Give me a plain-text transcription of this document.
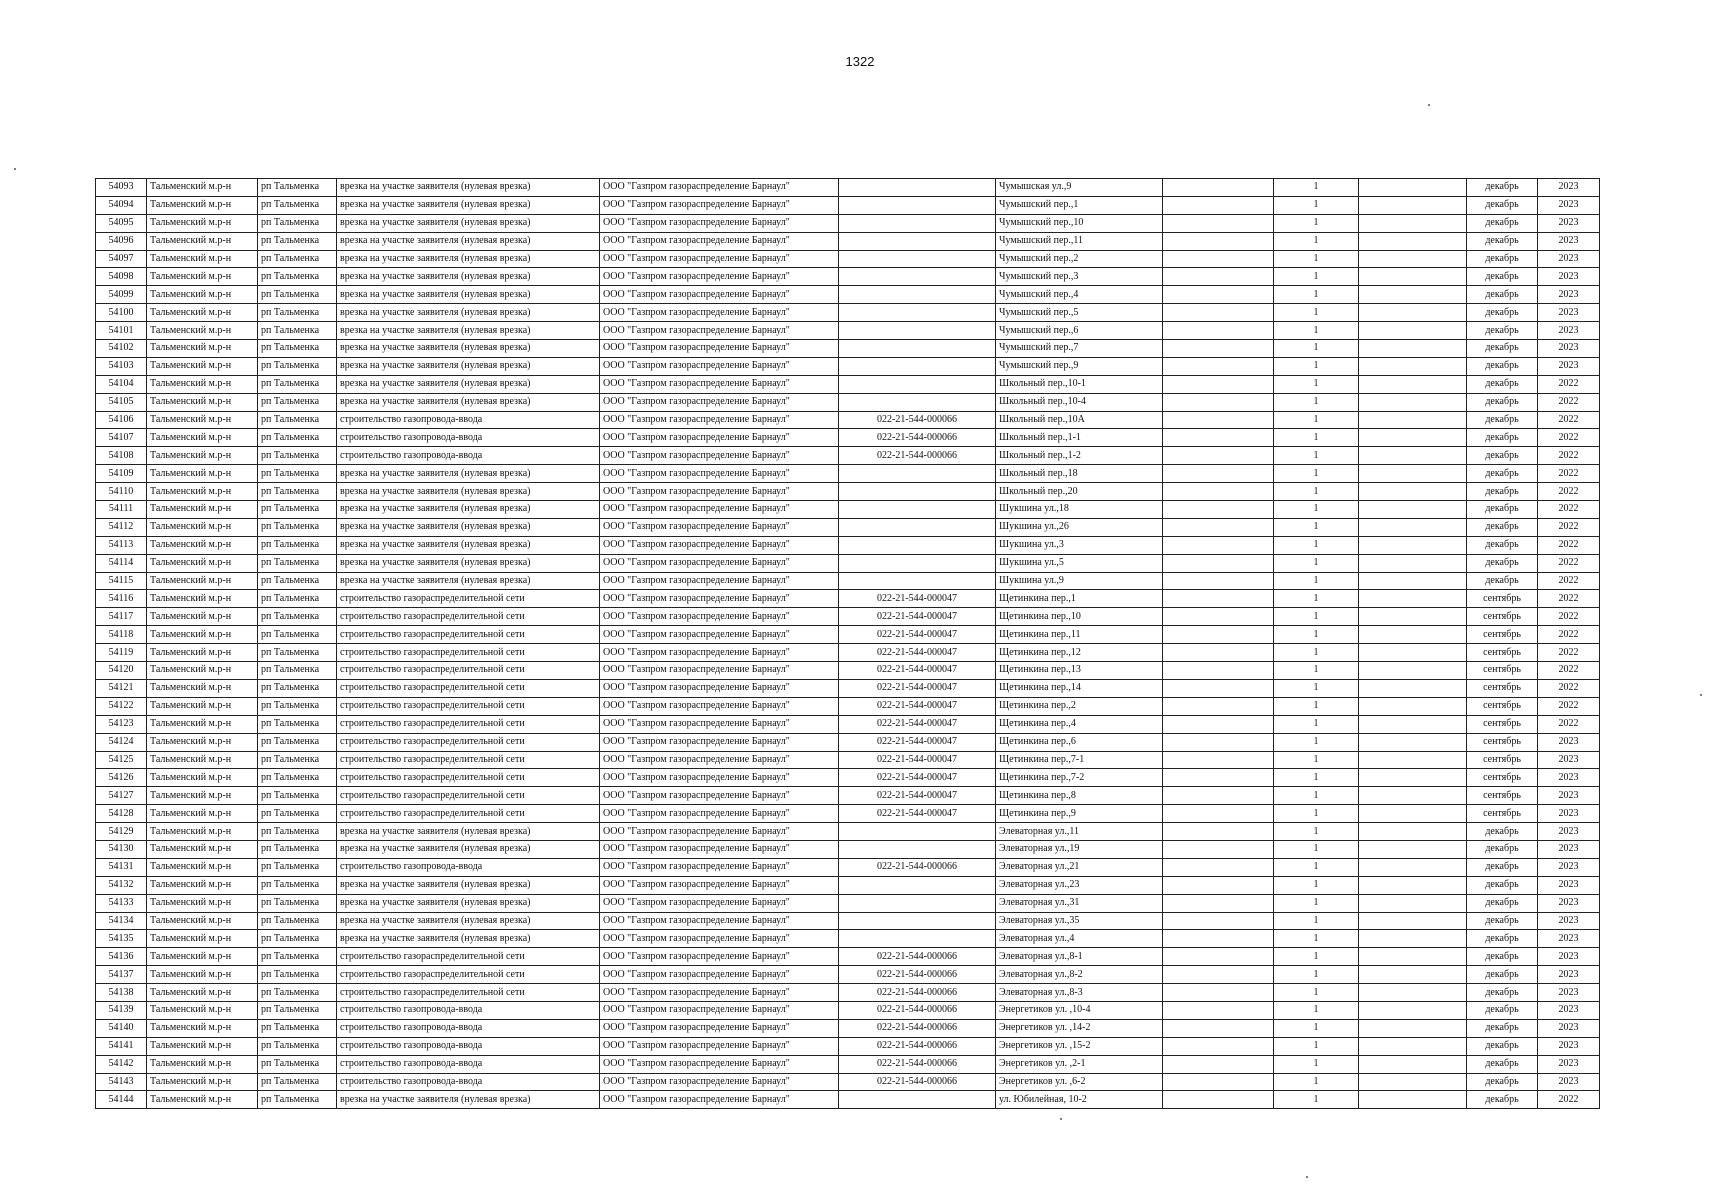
1322
54093	Тальменский м.р-н	рп Тальменка	врезка на участке заявителя (нулевая врезка)	ООО "Газпром газораспределение Барнаул"		Чумышская ул.,9		1		декабрь	2023
54094	Тальменский м.р-н	рп Тальменка	врезка на участке заявителя (нулевая врезка)	ООО "Газпром газораспределение Барнаул"		Чумышский пер.,1		1		декабрь	2023
54095	Тальменский м.р-н	рп Тальменка	врезка на участке заявителя (нулевая врезка)	ООО "Газпром газораспределение Барнаул"		Чумышский пер.,10		1		декабрь	2023
54096	Тальменский м.р-н	рп Тальменка	врезка на участке заявителя (нулевая врезка)	ООО "Газпром газораспределение Барнаул"		Чумышский пер.,11		1		декабрь	2023
54097	Тальменский м.р-н	рп Тальменка	врезка на участке заявителя (нулевая врезка)	ООО "Газпром газораспределение Барнаул"		Чумышский пер.,2		1		декабрь	2023
54098	Тальменский м.р-н	рп Тальменка	врезка на участке заявителя (нулевая врезка)	ООО "Газпром газораспределение Барнаул"		Чумышский пер.,3		1		декабрь	2023
54099	Тальменский м.р-н	рп Тальменка	врезка на участке заявителя (нулевая врезка)	ООО "Газпром газораспределение Барнаул"		Чумышский пер.,4		1		декабрь	2023
54100	Тальменский м.р-н	рп Тальменка	врезка на участке заявителя (нулевая врезка)	ООО "Газпром газораспределение Барнаул"		Чумышский пер.,5		1		декабрь	2023
54101	Тальменский м.р-н	рп Тальменка	врезка на участке заявителя (нулевая врезка)	ООО "Газпром газораспределение Барнаул"		Чумышский пер.,6		1		декабрь	2023
54102	Тальменский м.р-н	рп Тальменка	врезка на участке заявителя (нулевая врезка)	ООО "Газпром газораспределение Барнаул"		Чумышский пер.,7		1		декабрь	2023
54103	Тальменский м.р-н	рп Тальменка	врезка на участке заявителя (нулевая врезка)	ООО "Газпром газораспределение Барнаул"		Чумышский пер.,9		1		декабрь	2023
54104	Тальменский м.р-н	рп Тальменка	врезка на участке заявителя (нулевая врезка)	ООО "Газпром газораспределение Барнаул"		Школьный пер.,10-1		1		декабрь	2022
54105	Тальменский м.р-н	рп Тальменка	врезка на участке заявителя (нулевая врезка)	ООО "Газпром газораспределение Барнаул"		Школьный пер.,10-4		1		декабрь	2022
54106	Тальменский м.р-н	рп Тальменка	строительство газопровода-ввода	ООО "Газпром газораспределение Барнаул"	022-21-544-000066	Школьный пер.,10А		1		декабрь	2022
54107	Тальменский м.р-н	рп Тальменка	строительство газопровода-ввода	ООО "Газпром газораспределение Барнаул"	022-21-544-000066	Школьный пер.,1-1		1		декабрь	2022
54108	Тальменский м.р-н	рп Тальменка	строительство газопровода-ввода	ООО "Газпром газораспределение Барнаул"	022-21-544-000066	Школьный пер.,1-2		1		декабрь	2022
54109	Тальменский м.р-н	рп Тальменка	врезка на участке заявителя (нулевая врезка)	ООО "Газпром газораспределение Барнаул"		Школьный пер.,18		1		декабрь	2022
54110	Тальменский м.р-н	рп Тальменка	врезка на участке заявителя (нулевая врезка)	ООО "Газпром газораспределение Барнаул"		Школьный пер.,20		1		декабрь	2022
54111	Тальменский м.р-н	рп Тальменка	врезка на участке заявителя (нулевая врезка)	ООО "Газпром газораспределение Барнаул"		Шукшина ул.,18		1		декабрь	2022
54112	Тальменский м.р-н	рп Тальменка	врезка на участке заявителя (нулевая врезка)	ООО "Газпром газораспределение Барнаул"		Шукшина ул.,26		1		декабрь	2022
54113	Тальменский м.р-н	рп Тальменка	врезка на участке заявителя (нулевая врезка)	ООО "Газпром газораспределение Барнаул"		Шукшина ул.,3		1		декабрь	2022
54114	Тальменский м.р-н	рп Тальменка	врезка на участке заявителя (нулевая врезка)	ООО "Газпром газораспределение Барнаул"		Шукшина ул.,5		1		декабрь	2022
54115	Тальменский м.р-н	рп Тальменка	врезка на участке заявителя (нулевая врезка)	ООО "Газпром газораспределение Барнаул"		Шукшина ул.,9		1		декабрь	2022
54116	Тальменский м.р-н	рп Тальменка	строительство газораспределительной сети	ООО "Газпром газораспределение Барнаул"	022-21-544-000047	Щетинкина пер.,1		1		сентябрь	2022
54117	Тальменский м.р-н	рп Тальменка	строительство газораспределительной сети	ООО "Газпром газораспределение Барнаул"	022-21-544-000047	Щетинкина пер.,10		1		сентябрь	2022
54118	Тальменский м.р-н	рп Тальменка	строительство газораспределительной сети	ООО "Газпром газораспределение Барнаул"	022-21-544-000047	Щетинкина пер.,11		1		сентябрь	2022
54119	Тальменский м.р-н	рп Тальменка	строительство газораспределительной сети	ООО "Газпром газораспределение Барнаул"	022-21-544-000047	Щетинкина пер.,12		1		сентябрь	2022
54120	Тальменский м.р-н	рп Тальменка	строительство газораспределительной сети	ООО "Газпром газораспределение Барнаул"	022-21-544-000047	Щетинкина пер.,13		1		сентябрь	2022
54121	Тальменский м.р-н	рп Тальменка	строительство газораспределительной сети	ООО "Газпром газораспределение Барнаул"	022-21-544-000047	Щетинкина пер.,14		1		сентябрь	2022
54122	Тальменский м.р-н	рп Тальменка	строительство газораспределительной сети	ООО "Газпром газораспределение Барнаул"	022-21-544-000047	Щетинкина пер.,2		1		сентябрь	2022
54123	Тальменский м.р-н	рп Тальменка	строительство газораспределительной сети	ООО "Газпром газораспределение Барнаул"	022-21-544-000047	Щетинкина пер.,4		1		сентябрь	2022
54124	Тальменский м.р-н	рп Тальменка	строительство газораспределительной сети	ООО "Газпром газораспределение Барнаул"	022-21-544-000047	Щетинкина пер.,6		1		сентябрь	2023
54125	Тальменский м.р-н	рп Тальменка	строительство газораспределительной сети	ООО "Газпром газораспределение Барнаул"	022-21-544-000047	Щетинкина пер.,7-1		1		сентябрь	2023
54126	Тальменский м.р-н	рп Тальменка	строительство газораспределительной сети	ООО "Газпром газораспределение Барнаул"	022-21-544-000047	Щетинкина пер.,7-2		1		сентябрь	2023
54127	Тальменский м.р-н	рп Тальменка	строительство газораспределительной сети	ООО "Газпром газораспределение Барнаул"	022-21-544-000047	Щетинкина пер.,8		1		сентябрь	2023
54128	Тальменский м.р-н	рп Тальменка	строительство газораспределительной сети	ООО "Газпром газораспределение Барнаул"	022-21-544-000047	Щетинкина пер.,9		1		сентябрь	2023
54129	Тальменский м.р-н	рп Тальменка	врезка на участке заявителя (нулевая врезка)	ООО "Газпром газораспределение Барнаул"		Элеваторная ул.,11		1		декабрь	2023
54130	Тальменский м.р-н	рп Тальменка	врезка на участке заявителя (нулевая врезка)	ООО "Газпром газораспределение Барнаул"		Элеваторная ул.,19		1		декабрь	2023
54131	Тальменский м.р-н	рп Тальменка	строительство газопровода-ввода	ООО "Газпром газораспределение Барнаул"	022-21-544-000066	Элеваторная ул.,21		1		декабрь	2023
54132	Тальменский м.р-н	рп Тальменка	врезка на участке заявителя (нулевая врезка)	ООО "Газпром газораспределение Барнаул"		Элеваторная ул.,23		1		декабрь	2023
54133	Тальменский м.р-н	рп Тальменка	врезка на участке заявителя (нулевая врезка)	ООО "Газпром газораспределение Барнаул"		Элеваторная ул.,31		1		декабрь	2023
54134	Тальменский м.р-н	рп Тальменка	врезка на участке заявителя (нулевая врезка)	ООО "Газпром газораспределение Барнаул"		Элеваторная ул.,35		1		декабрь	2023
54135	Тальменский м.р-н	рп Тальменка	врезка на участке заявителя (нулевая врезка)	ООО "Газпром газораспределение Барнаул"		Элеваторная ул.,4		1		декабрь	2023
54136	Тальменский м.р-н	рп Тальменка	строительство газораспределительной сети	ООО "Газпром газораспределение Барнаул"	022-21-544-000066	Элеваторная ул.,8-1		1		декабрь	2023
54137	Тальменский м.р-н	рп Тальменка	строительство газораспределительной сети	ООО "Газпром газораспределение Барнаул"	022-21-544-000066	Элеваторная ул.,8-2		1		декабрь	2023
54138	Тальменский м.р-н	рп Тальменка	строительство газораспределительной сети	ООО "Газпром газораспределение Барнаул"	022-21-544-000066	Элеваторная ул.,8-3		1		декабрь	2023
54139	Тальменский м.р-н	рп Тальменка	строительство газопровода-ввода	ООО "Газпром газораспределение Барнаул"	022-21-544-000066	Энергетиков ул. ,10-4		1		декабрь	2023
54140	Тальменский м.р-н	рп Тальменка	строительство газопровода-ввода	ООО "Газпром газораспределение Барнаул"	022-21-544-000066	Энергетиков ул. ,14-2		1		декабрь	2023
54141	Тальменский м.р-н	рп Тальменка	строительство газопровода-ввода	ООО "Газпром газораспределение Барнаул"	022-21-544-000066	Энергетиков ул. ,15-2		1		декабрь	2023
54142	Тальменский м.р-н	рп Тальменка	строительство газопровода-ввода	ООО "Газпром газораспределение Барнаул"	022-21-544-000066	Энергетиков ул. ,2-1		1		декабрь	2023
54143	Тальменский м.р-н	рп Тальменка	строительство газопровода-ввода	ООО "Газпром газораспределение Барнаул"	022-21-544-000066	Энергетиков ул. ,6-2		1		декабрь	2023
54144	Тальменский м.р-н	рп Тальменка	врезка на участке заявителя (нулевая врезка)	ООО "Газпром газораспределение Барнаул"		ул. Юбилейная, 10-2		1		декабрь	2022
